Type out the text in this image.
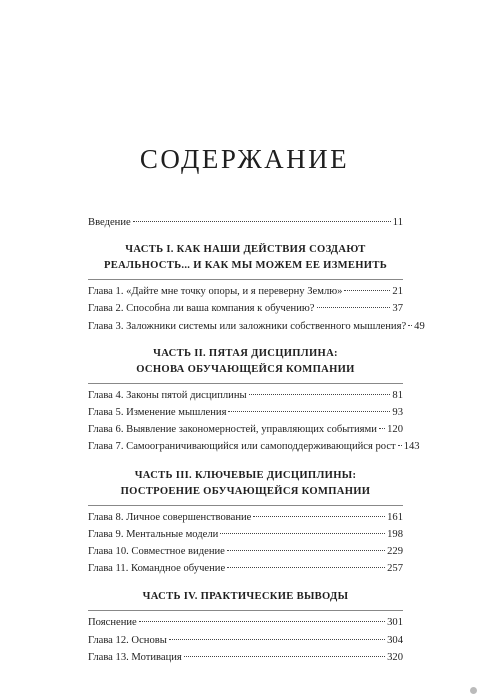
СОДЕРЖАНИЕ
Введение	11
ЧАСТЬ I. КАК НАШИ ДЕЙСТВИЯ СОЗДАЮТ
РЕАЛЬНОСТЬ... И КАК МЫ МОЖЕМ ЕЕ ИЗМЕНИТЬ
Глава 1. «Дайте мне точку опоры, и я переверну Землю»	21
Глава 2. Способна ли ваша компания к обучению?	37
Глава 3. Заложники системы или заложники собственного мышления? 49
ЧАСТЬ II. ПЯТАЯ ДИСЦИПЛИНА:
ОСНОВА ОБУЧАЮЩЕЙСЯ КОМПАНИИ
Глава 4. Законы пятой дисциплины	81
Глава 5. Изменение мышления	93
Глава 6. Выявление закономерностей, управляющих событиями 120
Глава 7. Самоограничивающийся или самоподдерживающийся рост 143
ЧАСТЬ III. КЛЮЧЕВЫЕ ДИСЦИПЛИНЫ:
ПОСТРОЕНИЕ ОБУЧАЮЩЕЙСЯ КОМПАНИИ
Глава 8. Личное совершенствование	161
Глава 9. Ментальные модели	198
Глава 10. Совместное видение	229
Глава 11. Командное обучение	257
ЧАСТЬ IV. ПРАКТИЧЕСКИЕ ВЫВОДЫ
Пояснение	301
Глава 12. Основы	304
Глава 13. Мотивация	320
